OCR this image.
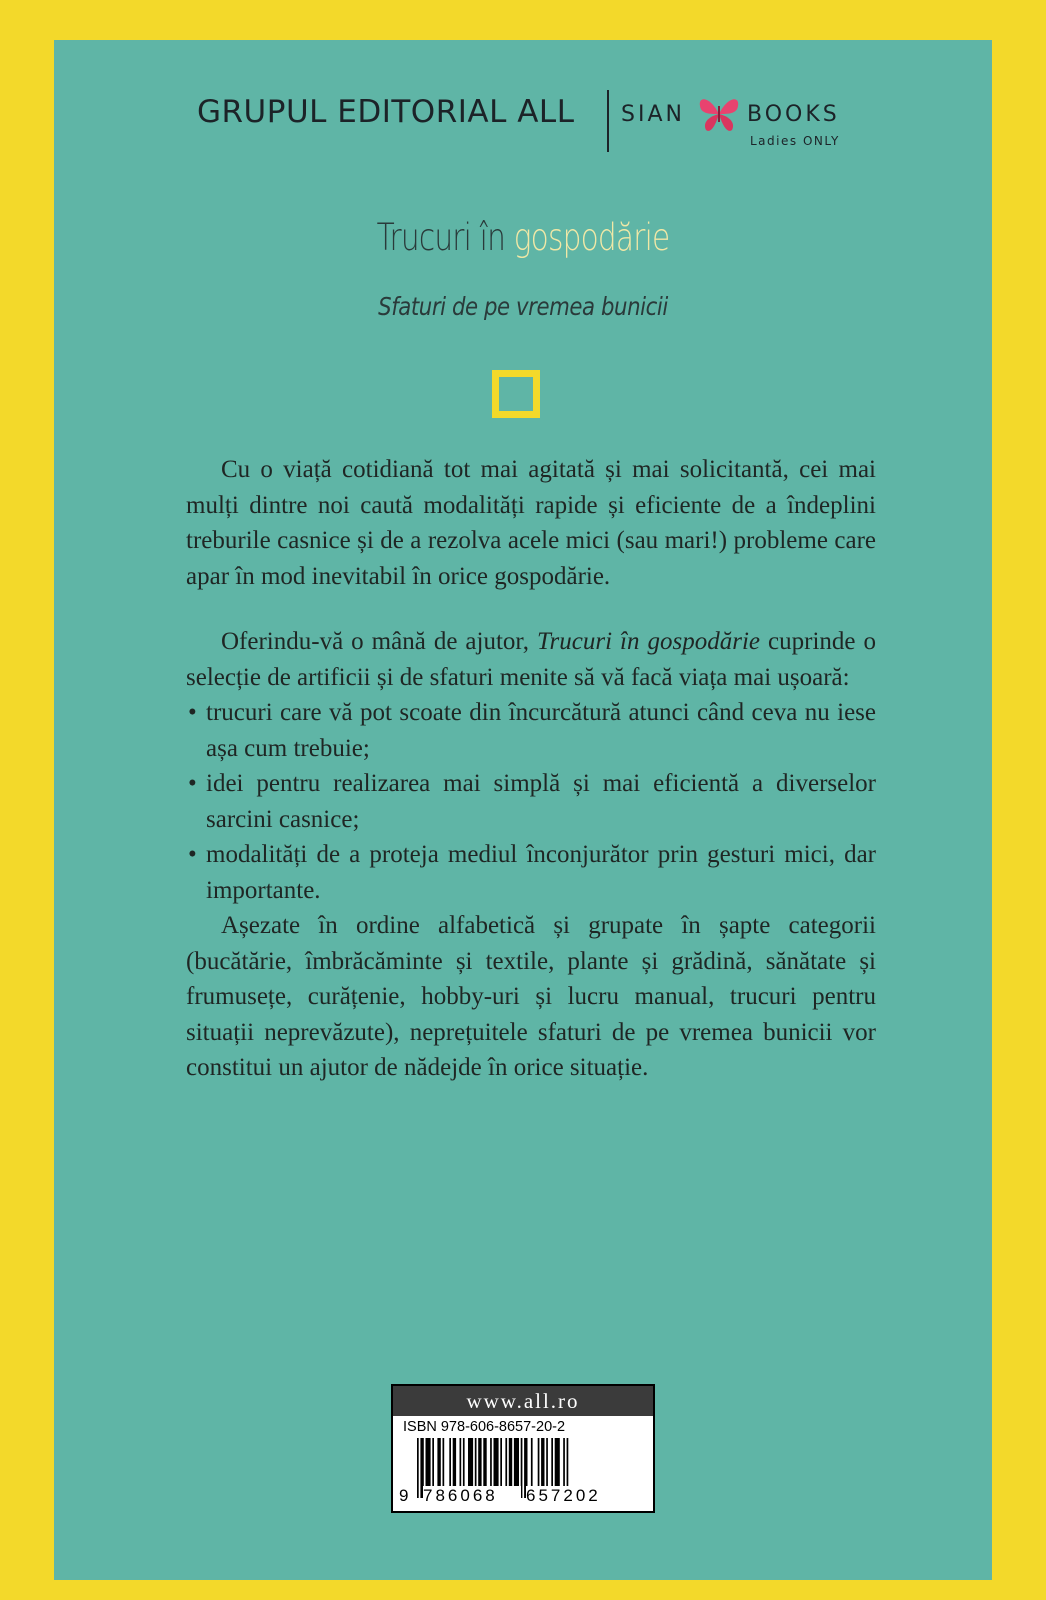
GRUPUL EDITORIAL ALL SIAN	BOOKS
Ladies ONLY
Trucuri în gospodărie
Sfaturi de pe vremea bunicii

Cu o viață cotidiană tot mai agitată și mai solicitantă, cei mai mulți dintre noi caută modalități rapide și eficiente de a îndeplini treburile casnice și de a rezolva acele mici (sau mari!) probleme care apar în mod inevitabil în orice gospodărie.

Oferindu-vă o mână de ajutor, Trucuri în gospodărie cuprinde o selecție de artificii și de sfaturi menite să vă facă viața mai ușoară:

• trucuri care vă pot scoate din încurcătură atunci când ceva nu iese așa cum trebuie;
• idei pentru realizarea mai simplă și mai eficientă a diverselor sarcini casnice;
• modalități de a proteja mediul înconjurător prin gesturi mici, dar importante.

Așezate în ordine alfabetică și grupate în șapte categorii (bucătărie, îmbrăcăminte și textile, plante și grădină, sănătate și frumusețe, curățenie, hobby-uri și lucru manual, trucuri pentru situații neprevăzute), neprețuitele sfaturi de pe vremea bunicii vor constitui un ajutor de nădejde în orice situație.

www.all.ro
ISBN 978-606-8657-20-2
9 786068	657202
